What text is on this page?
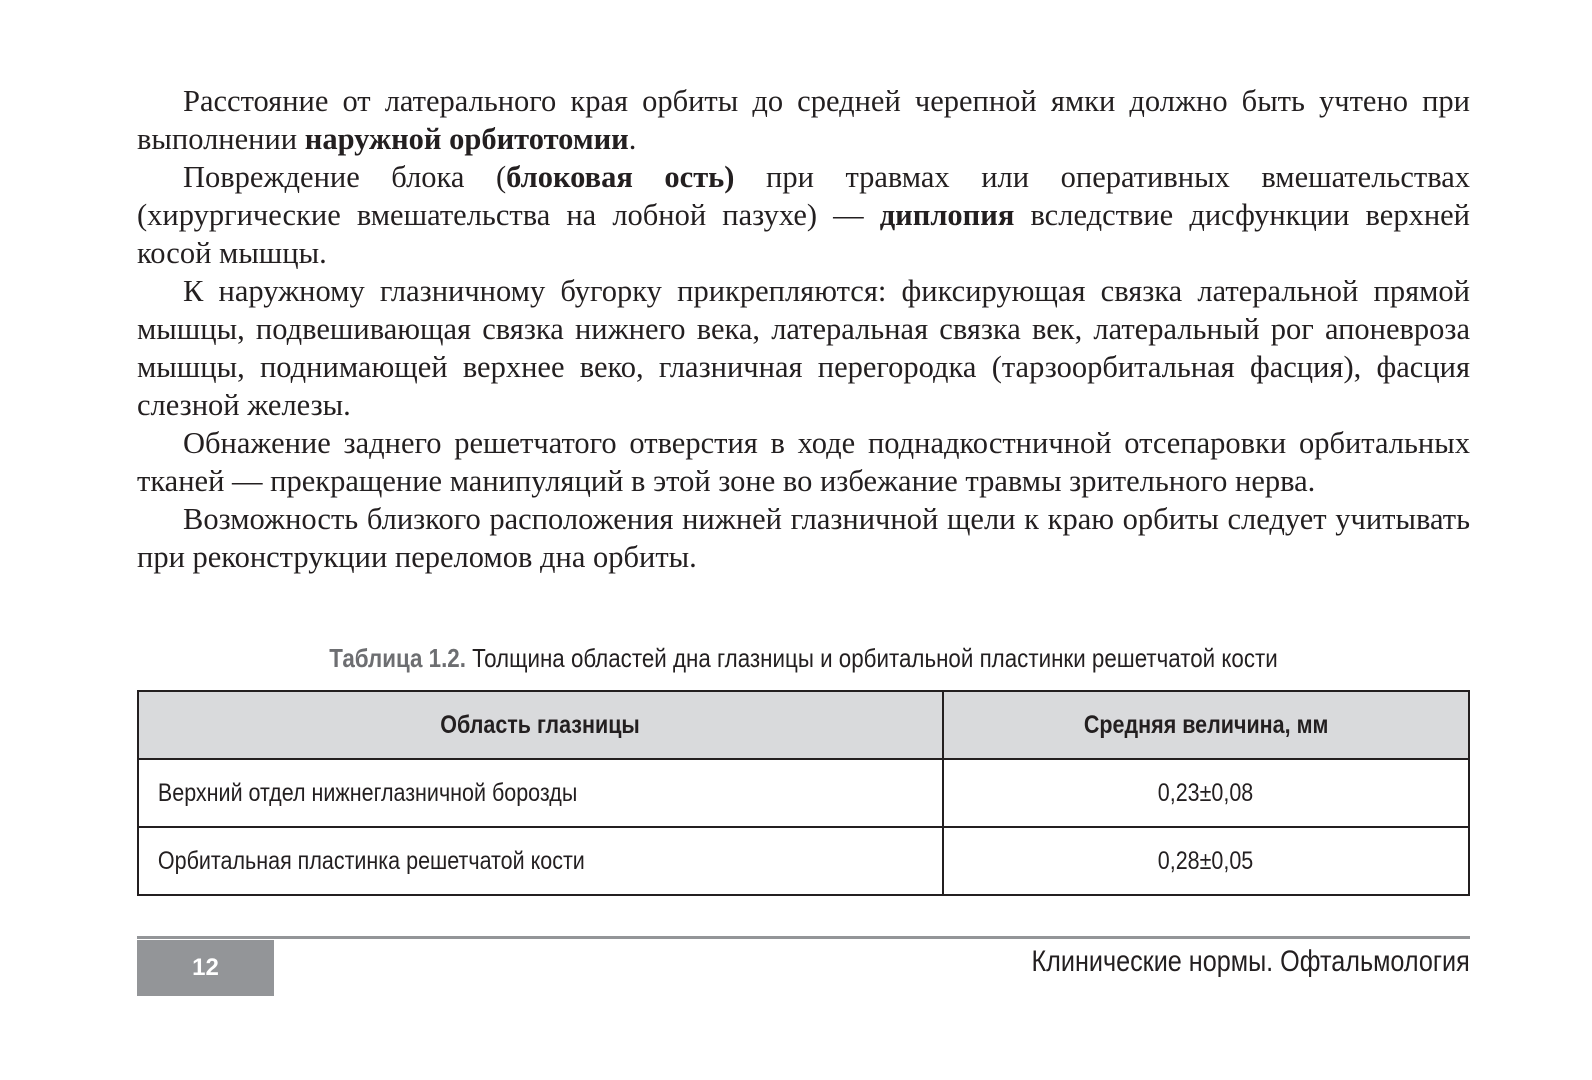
Расстояние от латерального края орбиты до средней черепной ямки должно быть учтено при выполнении наружной орбитотомии.

Повреждение блока (блоковая ость) при травмах или оперативных вмешательствах (хирургические вмешательства на лобной пазухе) — диплопия вследствие дисфункции верхней косой мышцы.

К наружному глазничному бугорку прикрепляются: фиксирующая связка латеральной прямой мышцы, подвешивающая связка нижнего века, латеральная связка век, латеральный рог апоневроза мышцы, поднимающей верхнее веко, глазничная перегородка (тарзоорбитальная фасция), фасция слезной железы.

Обнажение заднего решетчатого отверстия в ходе поднадкостничной отсепаровки орбитальных тканей — прекращение манипуляций в этой зоне во избежание травмы зрительного нерва.

Возможность близкого расположения нижней глазничной щели к краю орбиты следует учитывать при реконструкции переломов дна орбиты.

Таблица 1.2. Толщина областей дна глазницы и орбитальной пластинки решетчатой кости
Область глазницы	Средняя величина, мм
Верхний отдел нижнеглазничной борозды	0,23±0,08
Орбитальная пластинка решетчатой кости	0,28±0,05
12	Клинические нормы. Офтальмология
